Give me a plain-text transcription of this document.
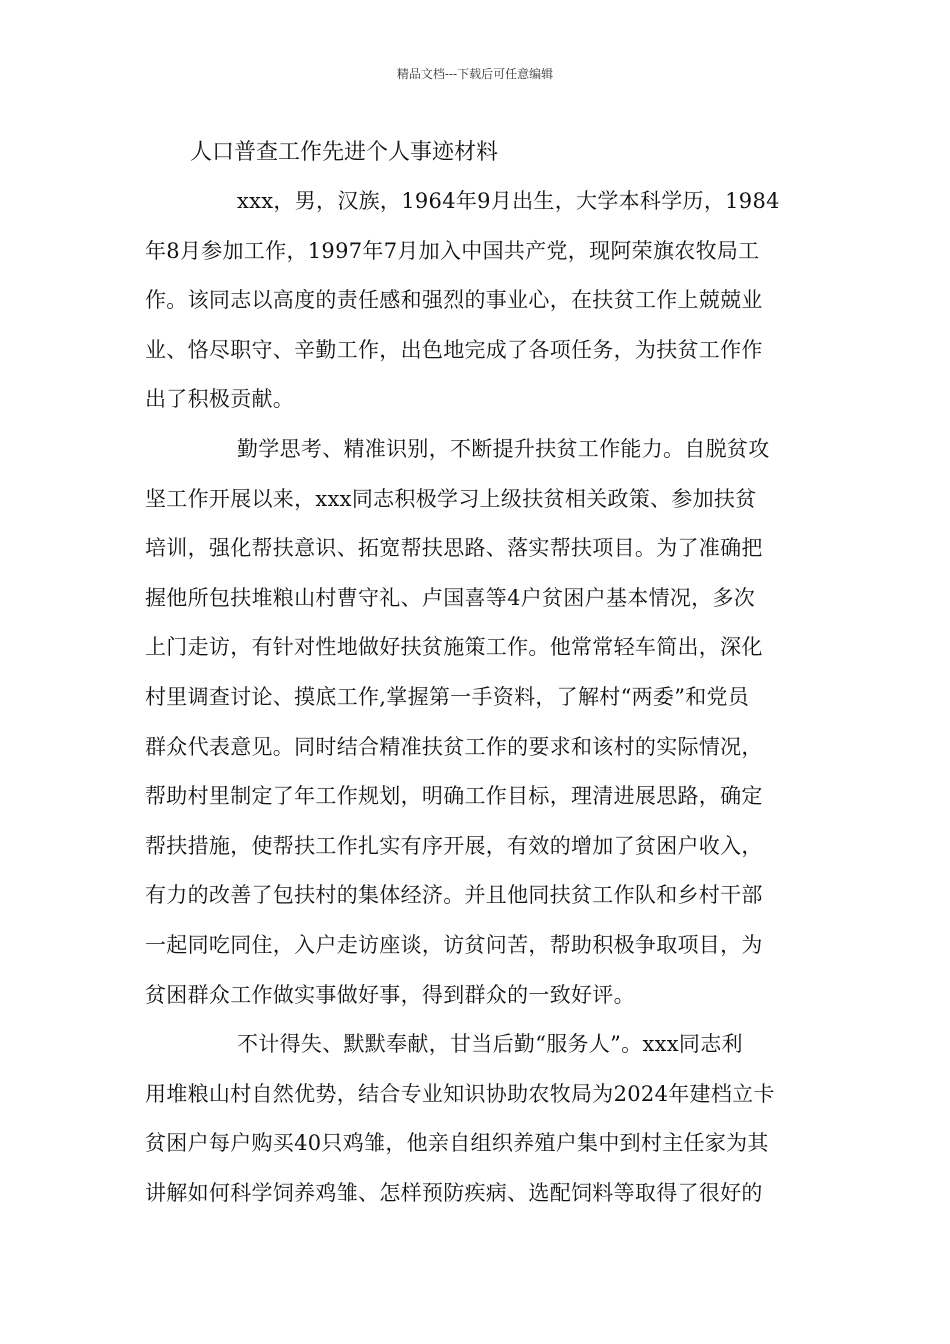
精品文档---下载后可任意编辑
人口普查工作先进个人事迹材料
xxx，男，汉族，1964年9月出生，大学本科学历，1984
年8月参加工作，1997年7月加入中国共产党，现阿荣旗农牧局工
作。该同志以高度的责任感和强烈的事业心，在扶贫工作上兢兢业
业、恪尽职守、辛勤工作，出色地完成了各项任务，为扶贫工作作
出了积极贡献。
勤学思考、精准识别，不断提升扶贫工作能力。自脱贫攻
坚工作开展以来，xxx同志积极学习上级扶贫相关政策、参加扶贫
培训，强化帮扶意识、拓宽帮扶思路、落实帮扶项目。为了准确把
握他所包扶堆粮山村曹守礼、卢国喜等4户贫困户基本情况，多次
上门走访，有针对性地做好扶贫施策工作。他常常轻车简出，深化
村里调查讨论、摸底工作,掌握第一手资料，了解村“两委”和党员
群众代表意见。同时结合精准扶贫工作的要求和该村的实际情况，
帮助村里制定了年工作规划，明确工作目标，理清进展思路，确定
帮扶措施，使帮扶工作扎实有序开展，有效的增加了贫困户收入，
有力的改善了包扶村的集体经济。并且他同扶贫工作队和乡村干部
一起同吃同住，入户走访座谈，访贫问苦，帮助积极争取项目，为
贫困群众工作做实事做好事，得到群众的一致好评。
不计得失、默默奉献，甘当后勤“服务人”。xxx同志利
用堆粮山村自然优势，结合专业知识协助农牧局为2024年建档立卡
贫困户每户购买40只鸡雏，他亲自组织养殖户集中到村主任家为其
讲解如何科学饲养鸡雏、怎样预防疾病、选配饲料等取得了很好的
